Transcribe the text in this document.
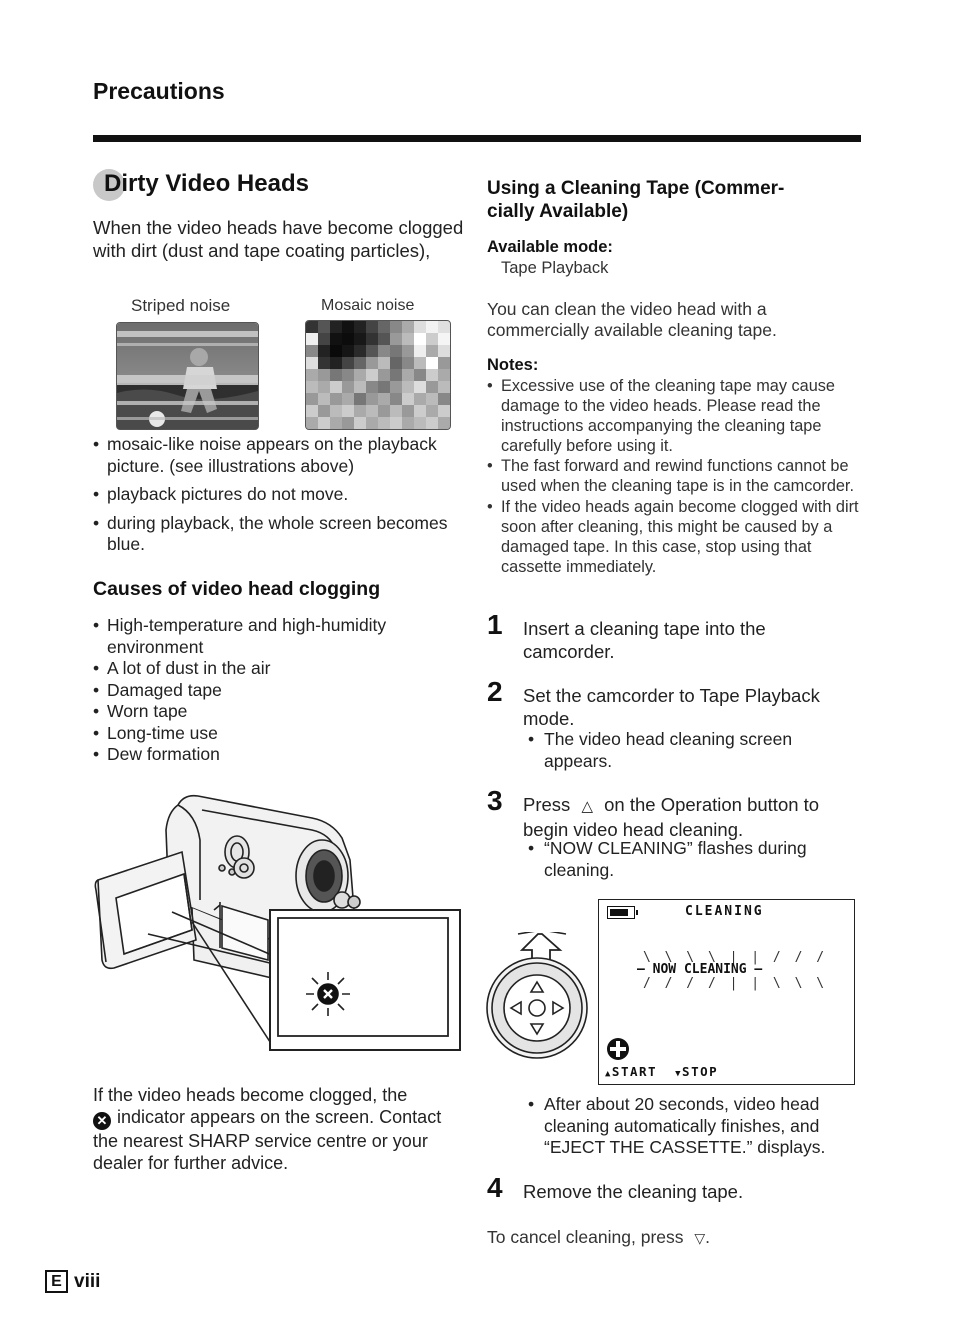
Precautions
Dirty Video Heads
When the video heads have become clogged with dirt (dust and tape coating particles),
Striped noise	Mosaic noise
• mosaic-like noise appears on the playback picture. (see illustrations above)
• playback pictures do not move.
• during playback, the whole screen becomes blue.
Causes of video head clogging
• High-temperature and high-humidity environment
• A lot of dust in the air
• Damaged tape
• Worn tape
• Long-time use
• Dew formation
If the video heads become clogged, the
✕ indicator appears on the screen. Contact the nearest SHARP service centre or your dealer for further advice.
Using a Cleaning Tape (Commer- cially Available)
Available mode:
Tape Playback
You can clean the video head with a commercially available cleaning tape.
Notes:
• Excessive use of the cleaning tape may cause damage to the video heads. Please read the instructions accompanying the cleaning tape carefully before using it.
• The fast forward and rewind functions cannot be used when the cleaning tape is in the camcorder.
• If the video heads again become clogged with dirt soon after cleaning, this might be caused by a damaged tape. In this case, stop using that cassette immediately.
1 Insert a cleaning tape into the camcorder.
2 Set the camcorder to Tape Playback mode.
• The video head cleaning screen appears.
3 Press △ on the Operation button to begin video head cleaning.
• “NOW CLEANING” flashes during cleaning.
CLEANING
\ \ \ \ | | / / /
— NOW CLEANING —
/ / / / | | \ \ \
▲START ▼STOP
• After about 20 seconds, video head cleaning automatically finishes, and “EJECT THE CASSETTE.” displays.
4 Remove the cleaning tape.
To cancel cleaning, press ▽.
E viii
